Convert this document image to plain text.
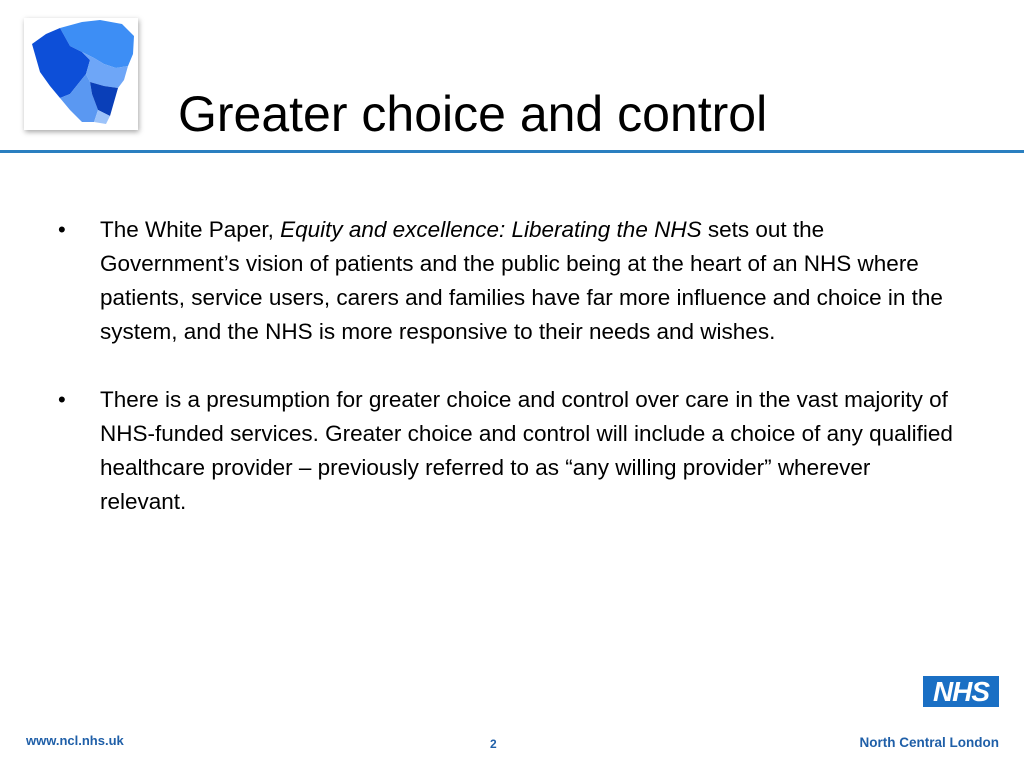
Greater choice and control
• The White Paper, Equity and excellence: Liberating the NHS sets out the Government’s vision of patients and the public being at the heart of an NHS where patients, service users, carers and families have far more influence and choice in the system, and the NHS is more responsive to their needs and wishes.
• There is a presumption for greater choice and control over care in the vast majority of NHS-funded services. Greater choice and control will include a choice of any qualified healthcare provider – previously referred to as “any willing provider” wherever relevant.
www.ncl.nhs.uk	2
NHS
North Central London
